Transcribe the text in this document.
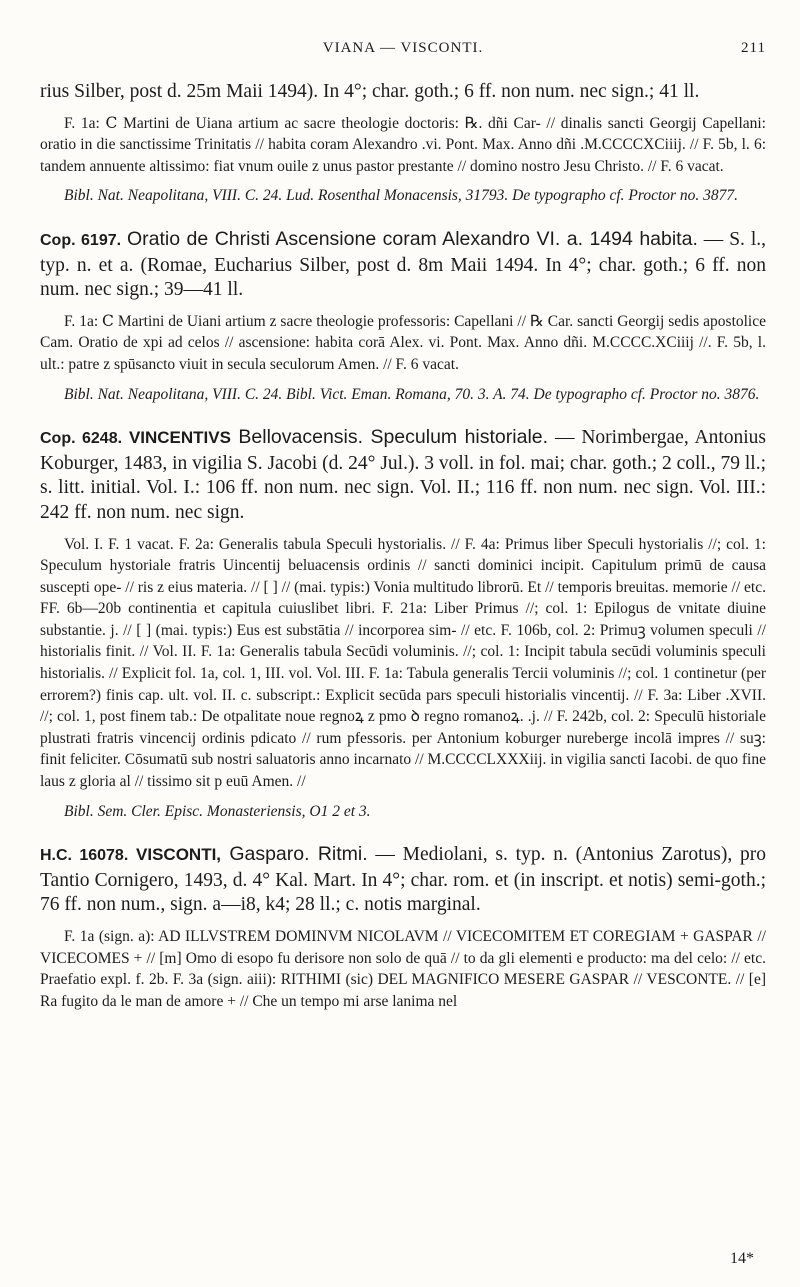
VIANA — VISCONTI.	211

rius Silber, post d. 25m Maii 1494). In 4°; char. goth.; 6 ff. non num. nec sign.; 41 ll.

F. 1a: Ⅽ Martini de Uiana artium ac sacre theologie doctoris: ℞. dñi Car- // dinalis sancti Georgij Capellani: oratio in die sanctissime Trinitatis // habita coram Alexandro .vi. Pont. Max. Anno dñi .M.CCCCXCiiij. // F. 5b, l. 6: tandem annuente altissimo: fiat vnum ouile z unus pastor prestante // domino nostro Jesu Christo. // F. 6 vacat.

Bibl. Nat. Neapolitana, VIII. C. 24. Lud. Rosenthal Monacensis, 31793. De typographo cf. Proctor no. 3877.

Cop. 6197. Oratio de Christi Ascensione coram Alexandro VI. a. 1494 habita. — S. l., typ. n. et a. (Romae, Eucharius Silber, post d. 8m Maii 1494. In 4°; char. goth.; 6 ff. non num. nec sign.; 39—41 ll.

F. 1a: Ⅽ Martini de Uiani artium z sacre theologie professoris: Capellani // ℞ Car. sancti Georgij sedis apostolice Cam. Oratio de xpi ad celos // ascensione: habita corā Alex. vi. Pont. Max. Anno dñi. M.CCCC.XCiiij //. F. 5b, l. ult.: patre z spūsancto viuit in secula seculorum Amen. // F. 6 vacat.

Bibl. Nat. Neapolitana, VIII. C. 24. Bibl. Vict. Eman. Romana, 70. 3. A. 74. De typographo cf. Proctor no. 3876.

Cop. 6248. VINCENTIVS Bellovacensis. Speculum historiale. — Norimbergae, Antonius Koburger, 1483, in vigilia S. Jacobi (d. 24° Jul.). 3 voll. in fol. mai; char. goth.; 2 coll., 79 ll.; s. litt. initial. Vol. I.: 106 ff. non num. nec sign. Vol. II.; 116 ff. non num. nec sign. Vol. III.: 242 ff. non num. nec sign.

Vol. I. F. 1 vacat. F. 2a: Generalis tabula Speculi hystorialis. // F. 4a: Primus liber Speculi hystorialis //; col. 1: Speculum hystoriale fratris Uincentij beluacensis ordinis // sancti dominici incipit. Capitulum primū de causa suscepti ope- // ris z eius materia. // [ ] // (mai. typis:) Vonia multitudo librorū. Et // temporis breuitas. memorie // etc. FF. 6b—20b continentia et capitula cuiuslibet libri. F. 21a: Liber Primus //; col. 1: Epilogus de vnitate diuine substantie. j. // [ ] (mai. typis:) Eus est substātia // incorporea sim- // etc. F. 106b, col. 2: Primuꝫ volumen speculi // historialis finit. // Vol. II. F. 1a: Generalis tabula Secūdi voluminis. //; col. 1: Incipit tabula secūdi voluminis speculi historialis. // Explicit fol. 1a, col. 1, III. vol. Vol. III. F. 1a: Tabula generalis Tercii voluminis //; col. 1 continetur (per errorem?) finis cap. ult. vol. II. c. subscript.: Explicit secūda pars speculi historialis vincentij. // F. 3a: Liber .XVII. //; col. 1, post finem tab.: De otpalitate noue regnoꝝ z pmo ꝺ regno romanoꝝ. .j. // F. 242b, col. 2: Speculū historiale plustrati fratris vincencij ordinis pdicato // rum pfessoris. per Antonium koburger nureberge incolā impres // suꝫ: finit feliciter. Cōsumatū sub nostri saluatoris anno incarnato // M.CCCCLXXXiij. in vigilia sancti Iacobi. de quo fine laus z gloria al // tissimo sit p euū Amen. //

Bibl. Sem. Cler. Episc. Monasteriensis, O1 2 et 3.

H.C. 16078. VISCONTI, Gasparo. Ritmi. — Mediolani, s. typ. n. (Antonius Zarotus), pro Tantio Cornigero, 1493, d. 4° Kal. Mart. In 4°; char. rom. et (in inscript. et notis) semi-goth.; 76 ff. non num., sign. a—i8, k4; 28 ll.; c. notis marginal.

F. 1a (sign. a): AD ILLVSTREM DOMINVM NICOLAVM // VICECOMITEM ET COREGIAM + GASPAR // VICECOMES + // [m] Omo di esopo fu derisore non solo de quā // to da gli elementi e producto: ma del celo: // etc. Praefatio expl. f. 2b. F. 3a (sign. aiii): RITHIMI (sic) DEL MAGNIFICO MESERE GASPAR // VESCONTE. // [e] Ra fugito da le man de amore + // Che un tempo mi arse lanima nel

14*
